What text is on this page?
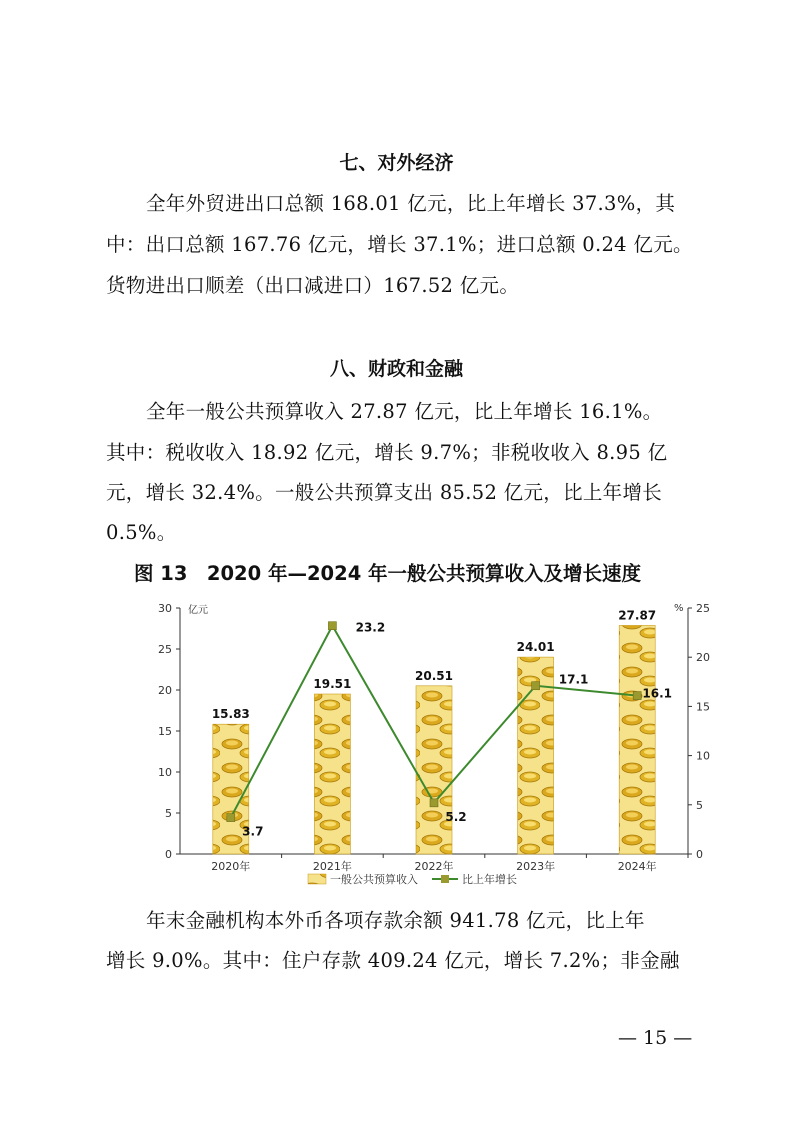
七、对外经济
全年外贸进出口总额 168.01 亿元，比上年增长 37.3%，其
中：出口总额 167.76 亿元，增长 37.1%；进口总额 0.24 亿元。
货物进出口顺差（出口减进口）167.52 亿元。
八、财政和金融
全年一般公共预算收入 27.87 亿元，比上年增长 16.1%。
其中：税收收入 18.92 亿元，增长 9.7%；非税收收入 8.95 亿
元，增长 32.4%。一般公共预算支出 85.52 亿元，比上年增长
0.5%。
图 13　2020 年—2024 年一般公共预算收入及增长速度
0
5
10
15
20
25
30
0
5
10
15
20
25
亿元	%
2020年	2021年	2022年	2023年	2024年
15.83
19.51
20.51
24.01
27.87
3.7
23.2
5.2
17.1
16.1
一般公共预算收入	比上年增长
年末金融机构本外币各项存款余额 941.78 亿元，比上年
增长 9.0%。其中：住户存款 409.24 亿元，增长 7.2%；非金融
— 15 —
